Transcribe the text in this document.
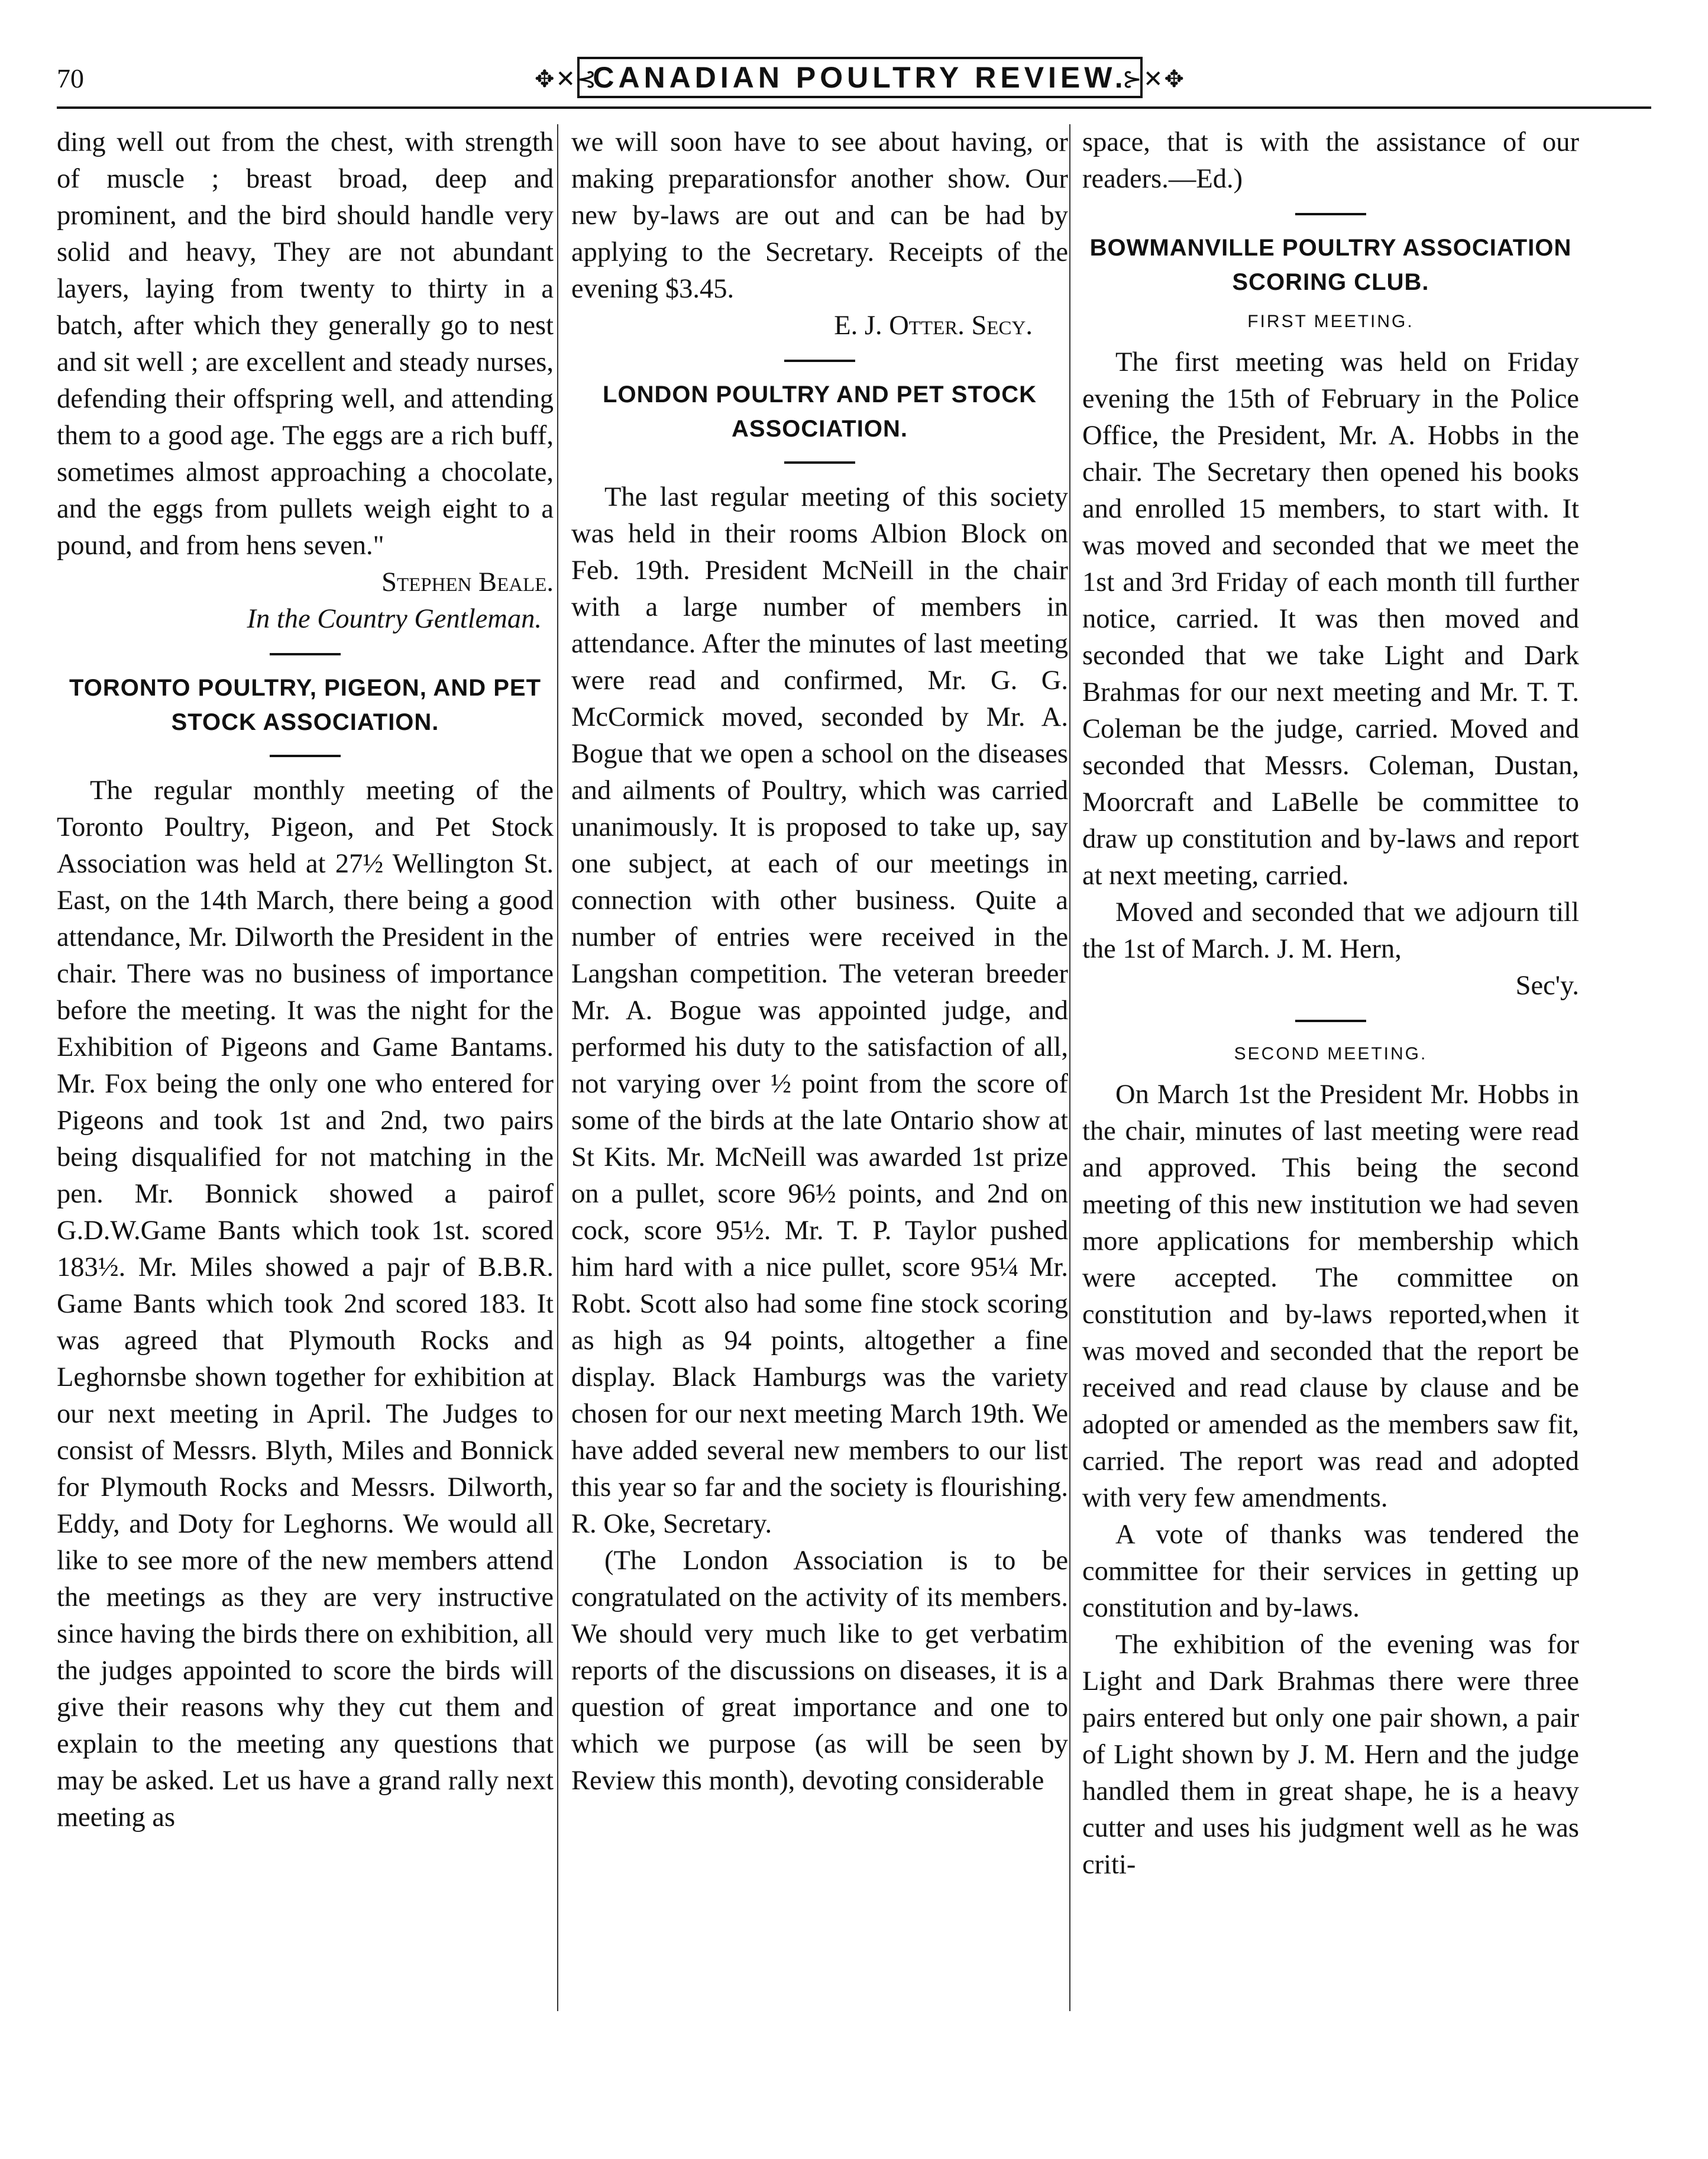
70	✥✕⊰
CANADIAN POULTRY REVIEW.
⊱✕✥

ding well out from the chest, with strength of muscle ; breast broad, deep and prominent, and the bird should handle very solid and heavy, They are not abundant layers, laying from twenty to thirty in a batch, after which they generally go to nest and sit well ; are excellent and steady nurses, defending their offspring well, and attending them to a good age. The eggs are a rich buff, sometimes almost approaching a chocolate, and the eggs from pullets weigh eight to a pound, and from hens seven."

Stephen Beale.
In the Country Gentleman.
TORONTO POULTRY, PIGEON, AND PET STOCK ASSOCIATION.

The regular monthly meeting of the Toronto Poultry, Pigeon, and Pet Stock Association was held at 27½ Wellington St. East, on the 14th March, there being a good attendance, Mr. Dilworth the President in the chair. There was no business of importance before the meeting. It was the night for the Exhibition of Pigeons and Game Bantams. Mr. Fox being the only one who entered for Pigeons and took 1st and 2nd, two pairs being disqualified for not matching in the pen. Mr. Bonnick showed a pairof G.D.W.Game Bants which took 1st. scored 183½. Mr. Miles showed a pajr of B.B.R. Game Bants which took 2nd scored 183. It was agreed that Plymouth Rocks and Leghornsbe shown together for exhibition at our next meeting in April. The Judges to consist of Messrs. Blyth, Miles and Bonnick for Plymouth Rocks and Messrs. Dilworth, Eddy, and Doty for Leghorns. We would all like to see more of the new members attend the meetings as they are very instructive since having the birds there on exhibition, all the judges appointed to score the birds will give their reasons why they cut them and explain to the meeting any questions that may be asked. Let us have a grand rally next meeting as

we will soon have to see about having, or making preparationsfor another show. Our new by-laws are out and can be had by applying to the Secretary. Receipts of the evening $3.45.

E. J. Otter. Secy.
LONDON POULTRY AND PET STOCK ASSOCIATION.

The last regular meeting of this society was held in their rooms Albion Block on Feb. 19th. President McNeill in the chair with a large number of members in attendance. After the minutes of last meeting were read and confirmed, Mr. G. G. McCormick moved, seconded by Mr. A. Bogue that we open a school on the diseases and ailments of Poultry, which was carried unanimously. It is proposed to take up, say one subject, at each of our meetings in connection with other business. Quite a number of entries were received in the Langshan competition. The veteran breeder Mr. A. Bogue was appointed judge, and performed his duty to the satisfaction of all, not varying over ½ point from the score of some of the birds at the late Ontario show at St Kits. Mr. McNeill was awarded 1st prize on a pullet, score 96½ points, and 2nd on cock, score 95½. Mr. T. P. Taylor pushed him hard with a nice pullet, score 95¼ Mr. Robt. Scott also had some fine stock scoring as high as 94 points, altogether a fine display. Black Hamburgs was the variety chosen for our next meeting March 19th. We have added several new members to our list this year so far and the society is flourishing. R. Oke, Secretary.

(The London Association is to be congratulated on the activity of its members. We should very much like to get verbatim reports of the discussions on diseases, it is a question of great importance and one to which we purpose (as will be seen by Review this month), devoting considerable

space, that is with the assistance of our readers.—Ed.)

BOWMANVILLE POULTRY ASSOCIATION SCORING CLUB.
FIRST MEETING.

The first meeting was held on Friday evening the 15th of February in the Police Office, the President, Mr. A. Hobbs in the chair. The Secretary then opened his books and enrolled 15 members, to start with. It was moved and seconded that we meet the 1st and 3rd Friday of each month till further notice, carried. It was then moved and seconded that we take Light and Dark Brahmas for our next meeting and Mr. T. T. Coleman be the judge, carried. Moved and seconded that Messrs. Coleman, Dustan, Moorcraft and LaBelle be committee to draw up constitution and by-laws and report at next meeting, carried.

Moved and seconded that we adjourn till the 1st of March. J. M. Hern,

Sec'y.
SECOND MEETING.

On March 1st the President Mr. Hobbs in the chair, minutes of last meeting were read and approved. This being the second meeting of this new institution we had seven more applications for membership which were accepted. The committee on constitution and by-laws reported,when it was moved and seconded that the report be received and read clause by clause and be adopted or amended as the members saw fit, carried. The report was read and adopted with very few amendments.

A vote of thanks was tendered the committee for their services in getting up constitution and by-laws.

The exhibition of the evening was for Light and Dark Brahmas there were three pairs entered but only one pair shown, a pair of Light shown by J. M. Hern and the judge handled them in great shape, he is a heavy cutter and uses his judgment well as he was criti-
